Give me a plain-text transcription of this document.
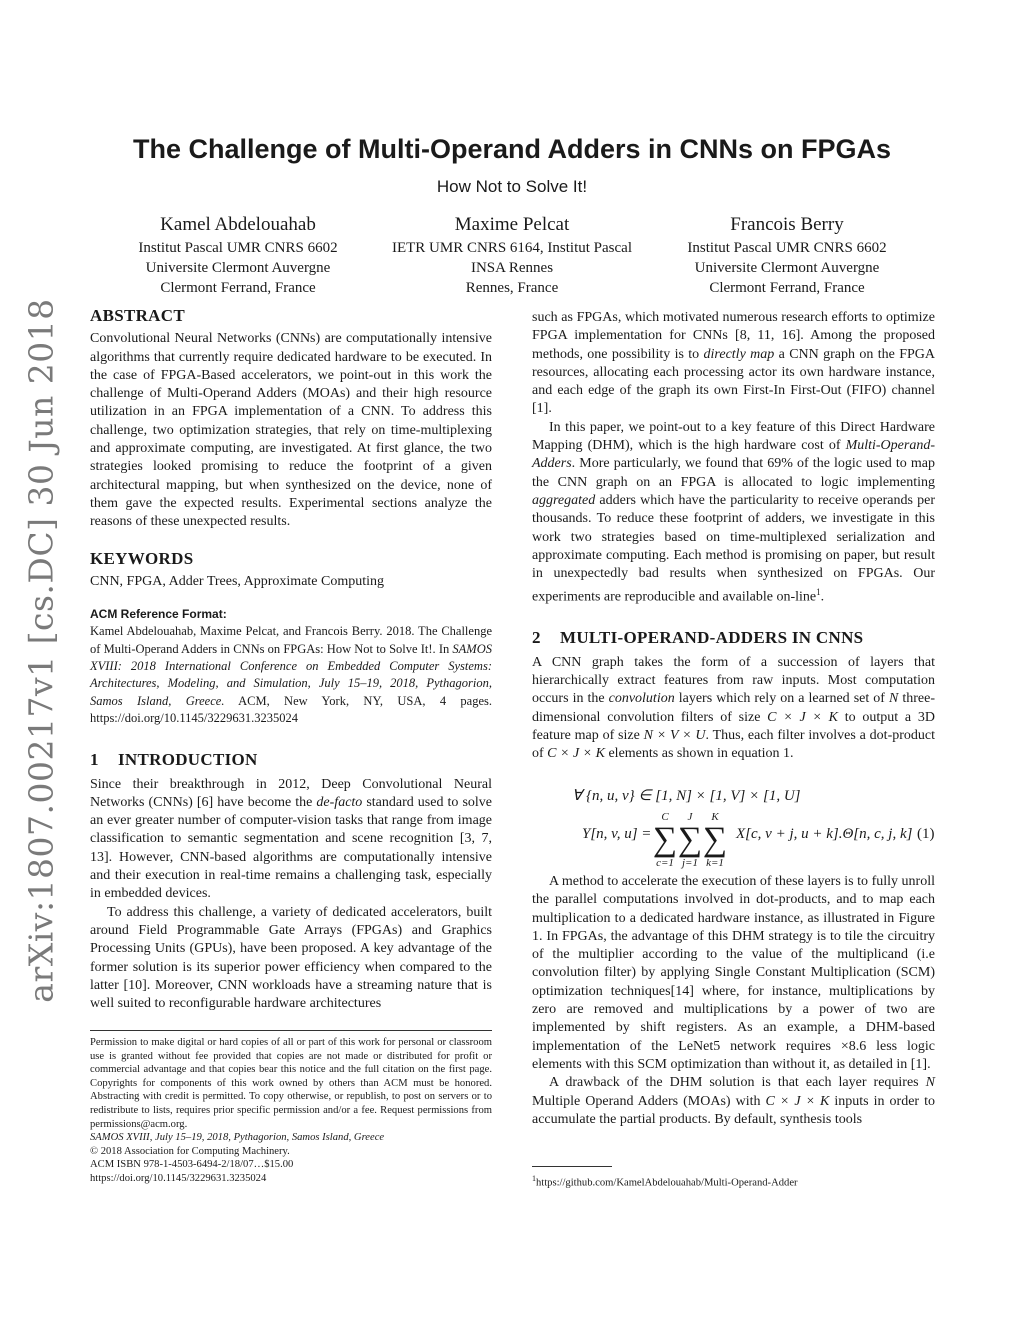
arXiv:1807.00217v1 [cs.DC] 30 Jun 2018
The Challenge of Multi-Operand Adders in CNNs on FPGAs
How Not to Solve It!
Kamel Abdelouahab
Institut Pascal UMR CNRS 6602
Universite Clermont Auvergne
Clermont Ferrand, France
Maxime Pelcat
IETR UMR CNRS 6164, Institut Pascal
INSA Rennes
Rennes, France
Francois Berry
Institut Pascal UMR CNRS 6602
Universite Clermont Auvergne
Clermont Ferrand, France
ABSTRACT

Convolutional Neural Networks (CNNs) are computationally intensive algorithms that currently require dedicated hardware to be executed. In the case of FPGA-Based accelerators, we point-out in this work the challenge of Multi-Operand Adders (MOAs) and their high resource utilization in an FPGA implementation of a CNN. To address this challenge, two optimization strategies, that rely on time-multiplexing and approximate computing, are investigated. At first glance, the two strategies looked promising to reduce the footprint of a given architectural mapping, but when synthesized on the device, none of them gave the expected results. Experimental sections analyze the reasons of these unexpected results.

KEYWORDS

CNN, FPGA, Adder Trees, Approximate Computing

ACM Reference Format:

Kamel Abdelouahab, Maxime Pelcat, and Francois Berry. 2018. The Challenge of Multi-Operand Adders in CNNs on FPGAs: How Not to Solve It!. In SAMOS XVIII: 2018 International Conference on Embedded Computer Systems: Architectures, Modeling, and Simulation, July 15–19, 2018, Pythagorion, Samos Island, Greece. ACM, New York, NY, USA, 4 pages. https://doi.org/10.1145/3229631.3235024

1 INTRODUCTION

Since their breakthrough in 2012, Deep Convolutional Neural Networks (CNNs) [6] have become the de-facto standard used to solve an ever greater number of computer-vision tasks that range from image classification to semantic segmentation and scene recognition [3, 7, 13]. However, CNN-based algorithms are computationally intensive and their execution in real-time remains a challenging task, especially in embedded devices.

To address this challenge, a variety of dedicated accelerators, built around Field Programmable Gate Arrays (FPGAs) and Graphics Processing Units (GPUs), have been proposed. A key advantage of the former solution is its superior power efficiency when compared to the latter [10]. Moreover, CNN workloads have a streaming nature that is well suited to reconfigurable hardware architectures

Permission to make digital or hard copies of all or part of this work for personal or classroom use is granted without fee provided that copies are not made or distributed for profit or commercial advantage and that copies bear this notice and the full citation on the first page. Copyrights for components of this work owned by others than ACM must be honored. Abstracting with credit is permitted. To copy otherwise, or republish, to post on servers or to redistribute to lists, requires prior specific permission and/or a fee. Request permissions from permissions@acm.org.

SAMOS XVIII, July 15–19, 2018, Pythagorion, Samos Island, Greece

© 2018 Association for Computing Machinery.

ACM ISBN 978-1-4503-6494-2/18/07…$15.00

https://doi.org/10.1145/3229631.3235024

such as FPGAs, which motivated numerous research efforts to optimize FPGA implementation for CNNs [8, 11, 16]. Among the proposed methods, one possibility is to directly map a CNN graph on the FPGA resources, allocating each processing actor its own hardware instance, and each edge of the graph its own First-In First-Out (FIFO) channel [1].

In this paper, we point-out to a key feature of this Direct Hardware Mapping (DHM), which is the high hardware cost of Multi-Operand-Adders. More particularly, we found that 69% of the logic used to map the CNN graph on an FPGA is allocated to logic implementing aggregated adders which have the particularity to receive operands per thousands. To reduce these footprint of adders, we investigate in this work two strategies based on time-multiplexed serialization and approximate computing. Each method is promising on paper, but result in unexpectedly bad results when synthesized on FPGAs. Our experiments are reproducible and available on-line$^1$.

2 MULTI-OPERAND-ADDERS IN CNNS

A CNN graph takes the form of a succession of layers that hierarchically extract features from raw inputs. Most computation occurs in the convolution layers which rely on a learned set of N three-dimensional convolution filters of size C × J × K to output a 3D feature map of size N × V × U. Thus, each filter involves a dot-product of C × J × K elements as shown in equation 1.

∀ {n, u, v} ∈ [1, N] × [1, V] × [1, U]
Y[n, v, u] =
C
∑
c=1
J
∑
j=1
K
∑
k=1
X[c, v + j, u + k].Θ[n, c, j, k] (1)

A method to accelerate the execution of these layers is to fully unroll the parallel computations involved in dot-products, and to map each multiplication to a dedicated hardware instance, as illustrated in Figure 1. In FPGAs, the advantage of this DHM strategy is to tile the circuitry of the multiplier according to the value of the multiplicand (i.e convolution filter) by applying Single Constant Multiplication (SCM) optimization techniques[14] where, for instance, multiplications by zero are removed and multiplications by a power of two are implemented by shift registers. As an example, a DHM-based implementation of the LeNet5 network requires ×8.6 less logic elements with this SCM optimization than without it, as detailed in [1].

A drawback of the DHM solution is that each layer requires N Multiple Operand Adders (MOAs) with C × J × K inputs in order to accumulate the partial products. By default, synthesis tools

$^1$https://github.com/KamelAbdelouahab/Multi-Operand-Adder
